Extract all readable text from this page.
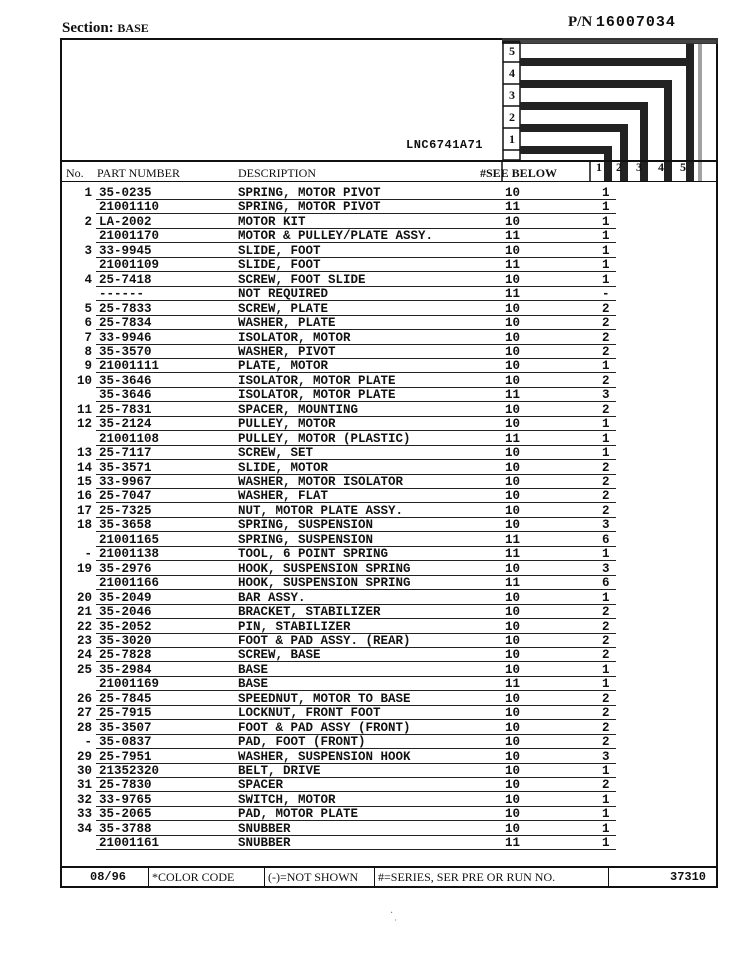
Section: BASE	P/N 16007034
5
4
3
2
1
1	2	3	4	5
LNC6741A71
No. PART NUMBER	DESCRIPTION	#SEE BELOW
1 35-0235	SPRING, MOTOR PIVOT	10	1
21001110	SPRING, MOTOR PIVOT	11	1
2 LA-2002	MOTOR KIT	10	1
21001170	MOTOR & PULLEY/PLATE ASSY.	11	1
3 33-9945	SLIDE, FOOT	10	1
21001109	SLIDE, FOOT	11	1
4 25-7418	SCREW, FOOT SLIDE	10	1
------	NOT REQUIRED	11	-
5 25-7833	SCREW, PLATE	10	2
6 25-7834	WASHER, PLATE	10	2
7 33-9946	ISOLATOR, MOTOR	10	2
8 35-3570	WASHER, PIVOT	10	2
9 21001111	PLATE, MOTOR	10	1
10 35-3646	ISOLATOR, MOTOR PLATE	10	2
35-3646	ISOLATOR, MOTOR PLATE	11	3
11 25-7831	SPACER, MOUNTING	10	2
12 35-2124	PULLEY, MOTOR	10	1
21001108	PULLEY, MOTOR (PLASTIC)	11	1
13 25-7117	SCREW, SET	10	1
14 35-3571	SLIDE, MOTOR	10	2
15 33-9967	WASHER, MOTOR ISOLATOR	10	2
16 25-7047	WASHER, FLAT	10	2
17 25-7325	NUT, MOTOR PLATE ASSY.	10	2
18 35-3658	SPRING, SUSPENSION	10	3
21001165	SPRING, SUSPENSION	11	6
- 21001138	TOOL, 6 POINT SPRING	11	1
19 35-2976	HOOK, SUSPENSION SPRING	10	3
21001166	HOOK, SUSPENSION SPRING	11	6
20 35-2049	BAR ASSY.	10	1
21 35-2046	BRACKET, STABILIZER	10	2
22 35-2052	PIN, STABILIZER	10	2
23 35-3020	FOOT & PAD ASSY. (REAR)	10	2
24 25-7828	SCREW, BASE	10	2
25 35-2984	BASE	10	1
21001169	BASE	11	1
26 25-7845	SPEEDNUT, MOTOR TO BASE	10	2
27 25-7915	LOCKNUT, FRONT FOOT	10	2
28 35-3507	FOOT & PAD ASSY (FRONT)	10	2
- 35-0837	PAD, FOOT (FRONT)	10	2
29 25-7951	WASHER, SUSPENSION HOOK	10	3
30 21352320	BELT, DRIVE	10	1
31 25-7830	SPACER	10	2
32 33-9765	SWITCH, MOTOR	10	1
33 35-2065	PAD, MOTOR PLATE	10	1
34 35-3788	SNUBBER	10	1
21001161	SNUBBER	11	1
08/96 *COLOR CODE	(-)=NOT SHOWN #=SERIES, SER PRE OR RUN NO.	37310
·
˙
